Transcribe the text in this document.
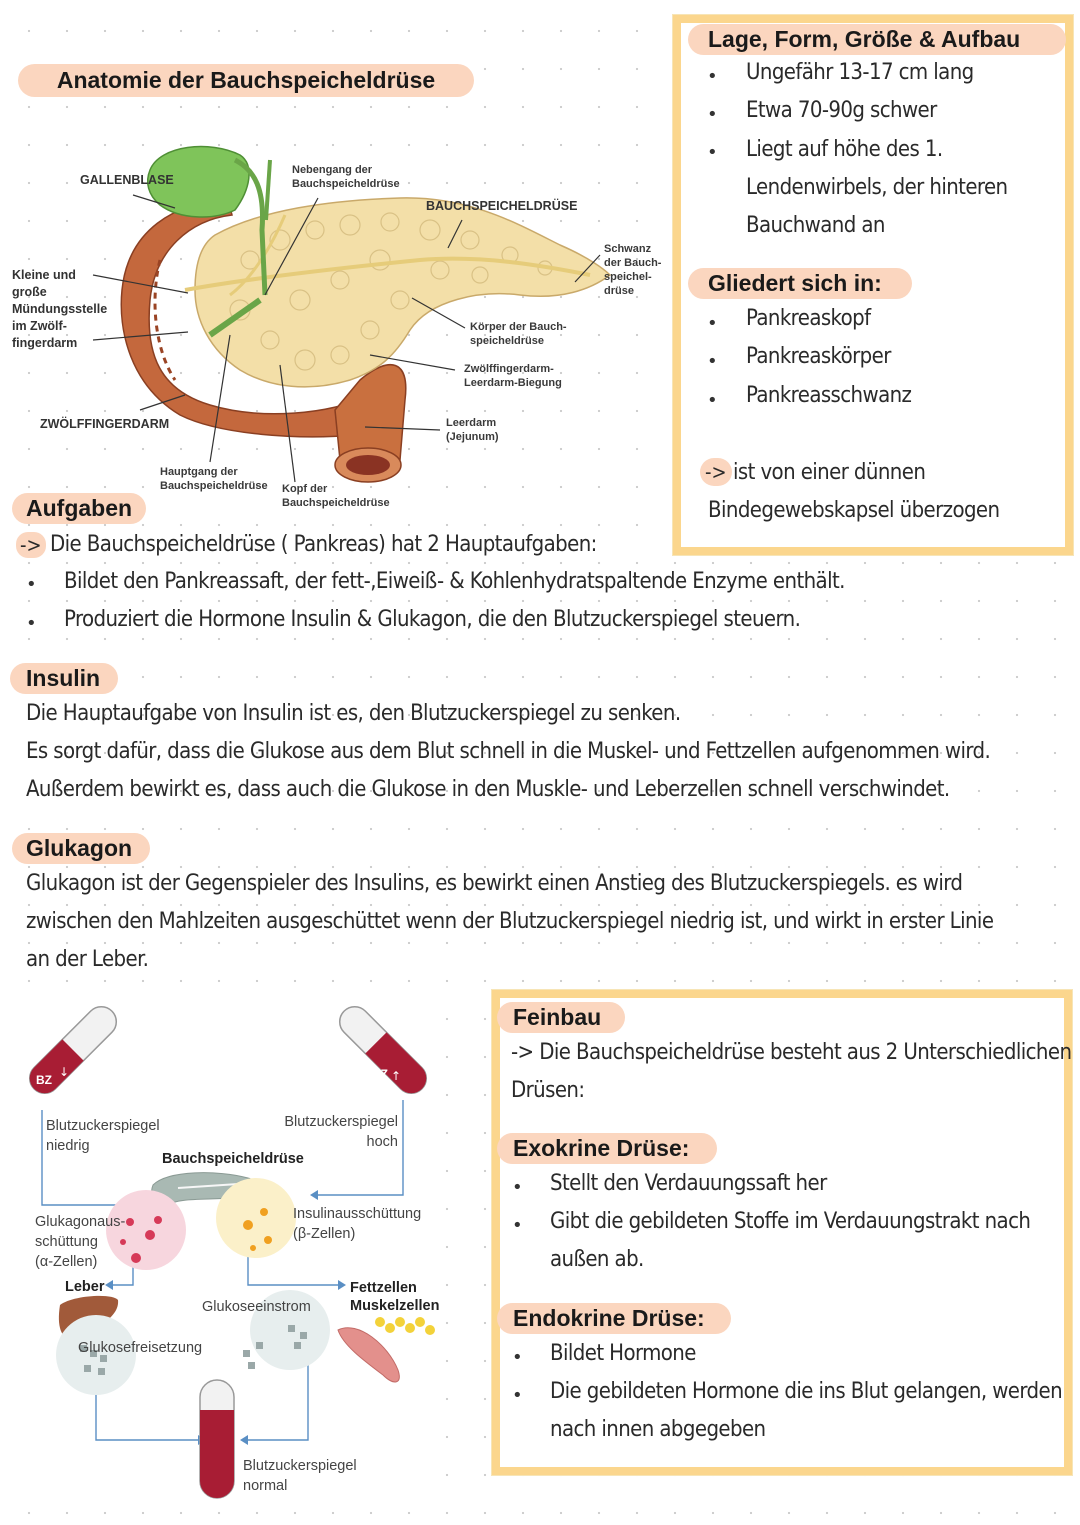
Anatomie der Bauchspeicheldrüse
GALLENBLASE
Nebengang der
Bauchspeicheldrüse
BAUCHSPEICHELDRÜSE
Schwanz
der Bauch-
speichel-
drüse
Kleine und
große
Mündungsstelle
im Zwölf-
fingerdarm
Körper der Bauch-
speicheldrüse
Zwölffingerdarm-
Leerdarm-Biegung
ZWÖLFFINGERDARM	Leerdarm
(Jejunum)
Hauptgang der
Bauchspeicheldrüse Kopf der
Bauchspeicheldrüse
Lage, Form, Größe & Aufbau
• Ungefähr 13-17 cm lang
• Etwa 70-90g schwer
• Liegt auf höhe des 1.
Lendenwirbels, der hinteren
Bauchwand an
Gliedert sich in:
• Pankreaskopf
• Pankreaskörper
• Pankreasschwanz
-> ist von einer dünnen
Bindegewebskapsel überzogen
Aufgaben
-> Die Bauchspeicheldrüse ( Pankreas) hat 2 Hauptaufgaben:
• Bildet den Pankreassaft, der fett-,Eiweiß- & Kohlenhydratspaltende Enzyme enthält.
• Produziert die Hormone Insulin & Glukagon, die den Blutzuckerspiegel steuern.
Insulin
Die Hauptaufgabe von Insulin ist es, den Blutzuckerspiegel zu senken.
Es sorgt dafür, dass die Glukose aus dem Blut schnell in die Muskel- und Fettzellen aufgenommen wird.
Außerdem bewirkt es, dass auch die Glukose in den Muskle- und Leberzellen schnell verschwindet.
Glukagon
Glukagon ist der Gegenspieler des Insulins, es bewirkt einen Anstieg des Blutzuckerspiegels. es wird
zwischen den Mahlzeiten ausgeschüttet wenn der Blutzuckerspiegel niedrig ist, und wirkt in erster Linie
an der Leber.
BZ
↓	BZ ↑
Blutzuckerspiegel
niedrig
Blutzuckerspiegel
hoch
Bauchspeicheldrüse
Glukagonaus-
schüttung
(α-Zellen)
Insulinausschüttung
(β-Zellen)
Leber	Fettzellen
Muskelzellen
Glukoseeinstrom
Glukosefreisetzung
Blutzuckerspiegel
normal
Feinbau
-> Die Bauchspeicheldrüse besteht aus 2 Unterschiedlichen
Drüsen:
Exokrine Drüse:
• Stellt den Verdauungssaft her
• Gibt die gebildeten Stoffe im Verdauungstrakt nach
außen ab.
Endokrine Drüse:
• Bildet Hormone
• Die gebildeten Hormone die ins Blut gelangen, werden
nach innen abgegeben
